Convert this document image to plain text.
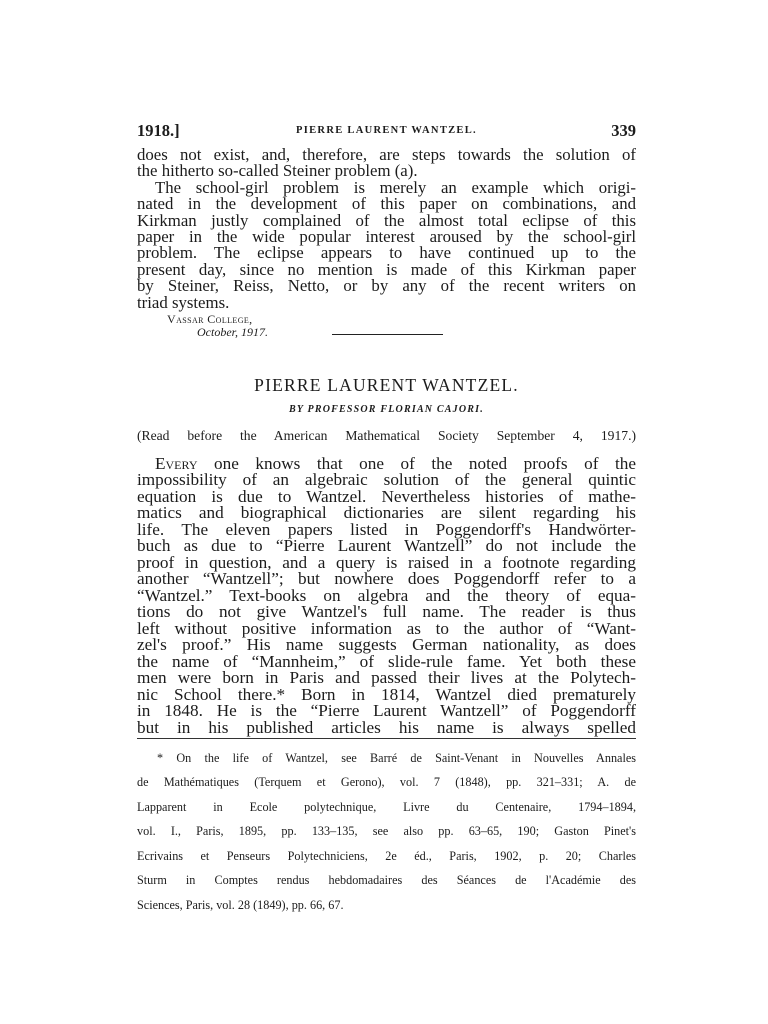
1918.]	PIERRE LAURENT WANTZEL.	339

does not exist, and, therefore, are steps towards the solution of

the hitherto so-called Steiner problem (a).

The school-girl problem is merely an example which origi-

nated in the development of this paper on combinations, and

Kirkman justly complained of the almost total eclipse of this

paper in the wide popular interest aroused by the school-girl

problem. The eclipse appears to have continued up to the

present day, since no mention is made of this Kirkman paper

by Steiner, Reiss, Netto, or by any of the recent writers on

triad systems.

Vassar College,
October, 1917.
PIERRE LAURENT WANTZEL.
BY PROFESSOR FLORIAN CAJORI.
(Read before the American Mathematical Society September 4, 1917.)

Every one knows that one of the noted proofs of the

impossibility of an algebraic solution of the general quintic

equation is due to Wantzel. Nevertheless histories of mathe-

matics and biographical dictionaries are silent regarding his

life. The eleven papers listed in Poggendorff's Handwörter-

buch as due to “Pierre Laurent Wantzell” do not include the

proof in question, and a query is raised in a footnote regarding

another “Wantzell”; but nowhere does Poggendorff refer to a

“Wantzel.” Text-books on algebra and the theory of equa-

tions do not give Wantzel's full name. The reader is thus

left without positive information as to the author of “Want-

zel's proof.” His name suggests German nationality, as does

the name of “Mannheim,” of slide-rule fame. Yet both these

men were born in Paris and passed their lives at the Polytech-

nic School there.* Born in 1814, Wantzel died prematurely

in 1848. He is the “Pierre Laurent Wantzell” of Poggendorff

but in his published articles his name is always spelled

* On the life of Wantzel, see Barré de Saint-Venant in Nouvelles Annales

de Mathématiques (Terquem et Gerono), vol. 7 (1848), pp. 321–331; A. de

Lapparent in Ecole polytechnique, Livre du Centenaire, 1794–1894,

vol. I., Paris, 1895, pp. 133–135, see also pp. 63–65, 190; Gaston Pinet's

Ecrivains et Penseurs Polytechniciens, 2e éd., Paris, 1902, p. 20; Charles

Sturm in Comptes rendus hebdomadaires des Séances de l'Académie des

Sciences, Paris, vol. 28 (1849), pp. 66, 67.
